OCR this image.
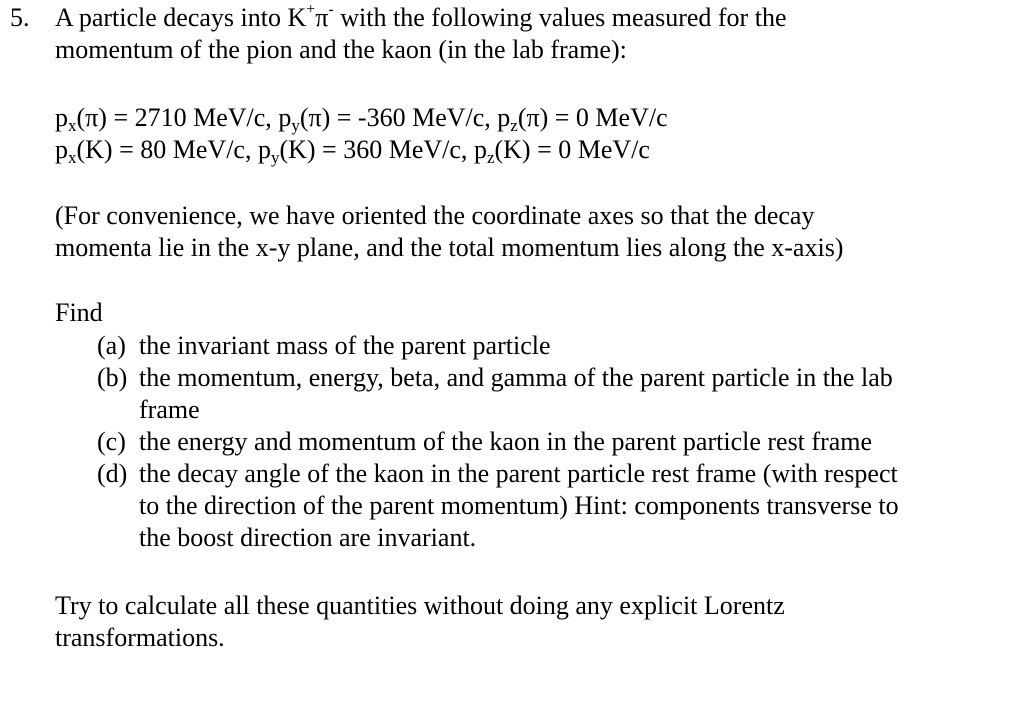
5. A particle decays into K+π- with the following values measured for the
momentum of the pion and the kaon (in the lab frame):
$p_x(\pi) = 2710$ MeV/c, $p_y(\pi) = -360$ MeV/c, $p_z(\pi) = 0$ MeV/c
$p_x(K) = 80$ MeV/c, $p_y(K) = 360$ MeV/c, $p_z(K) = 0$ MeV/c
(For convenience, we have oriented the coordinate axes so that the decay
momenta lie in the x-y plane, and the total momentum lies along the x-axis)
Find
(a) the invariant mass of the parent particle
(b) the momentum, energy, beta, and gamma of the parent particle in the lab
frame
(c) the energy and momentum of the kaon in the parent particle rest frame
(d) the decay angle of the kaon in the parent particle rest frame (with respect
to the direction of the parent momentum) Hint: components transverse to
the boost direction are invariant.
Try to calculate all these quantities without doing any explicit Lorentz
transformations.
